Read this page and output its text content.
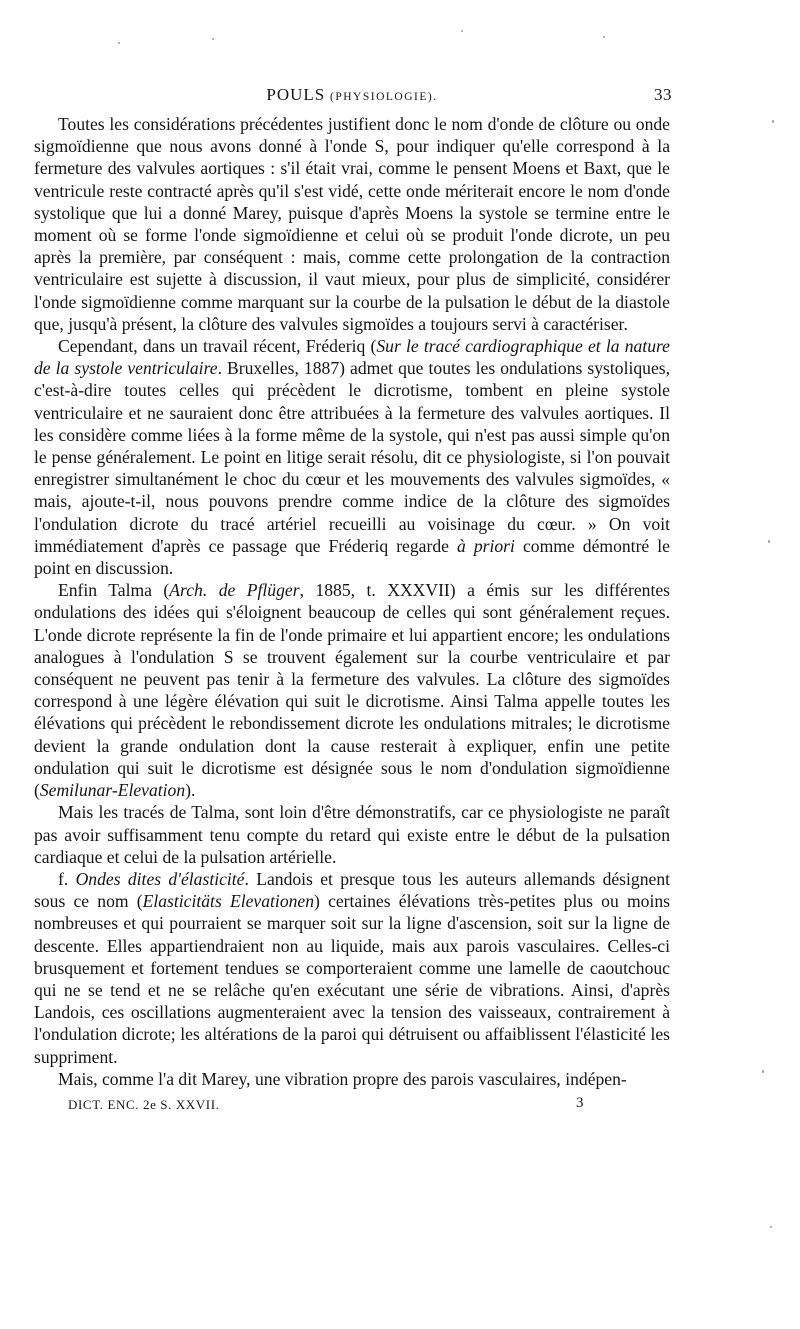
POULS (PHYSIOLOGIE).	33

Toutes les considérations précédentes justifient donc le nom d'onde de clôture ou onde sigmoïdienne que nous avons donné à l'onde S, pour indiquer qu'elle correspond à la fermeture des valvules aortiques : s'il était vrai, comme le pensent Moens et Baxt, que le ventricule reste contracté après qu'il s'est vidé, cette onde mériterait encore le nom d'onde systolique que lui a donné Marey, puisque d'après Moens la systole se termine entre le moment où se forme l'onde sigmoïdienne et celui où se produit l'onde dicrote, un peu après la première, par conséquent : mais, comme cette prolongation de la contraction ventriculaire est sujette à discussion, il vaut mieux, pour plus de simplicité, considérer l'onde sigmoïdienne comme marquant sur la courbe de la pulsation le début de la diastole que, jusqu'à présent, la clôture des valvules sigmoïdes a toujours servi à caractériser.

Cependant, dans un travail récent, Fréderiq (Sur le tracé cardiographique et la nature de la systole ventriculaire. Bruxelles, 1887) admet que toutes les ondulations systoliques, c'est-à-dire toutes celles qui précèdent le dicrotisme, tombent en pleine systole ventriculaire et ne sauraient donc être attribuées à la fermeture des valvules aortiques. Il les considère comme liées à la forme même de la systole, qui n'est pas aussi simple qu'on le pense généralement. Le point en litige serait résolu, dit ce physiologiste, si l'on pouvait enregistrer simultanément le choc du cœur et les mouvements des valvules sigmoïdes, « mais, ajoute-t-il, nous pouvons prendre comme indice de la clôture des sigmoïdes l'ondulation dicrote du tracé artériel recueilli au voisinage du cœur. » On voit immédiatement d'après ce passage que Fréderiq regarde à priori comme démontré le point en discussion.

Enfin Talma (Arch. de Pflüger, 1885, t. XXXVII) a émis sur les différentes ondulations des idées qui s'éloignent beaucoup de celles qui sont généralement reçues. L'onde dicrote représente la fin de l'onde primaire et lui appartient encore; les ondulations analogues à l'ondulation S se trouvent également sur la courbe ventriculaire et par conséquent ne peuvent pas tenir à la fermeture des valvules. La clôture des sigmoïdes correspond à une légère élévation qui suit le dicrotisme. Ainsi Talma appelle toutes les élévations qui précèdent le rebondissement dicrote les ondulations mitrales; le dicrotisme devient la grande ondulation dont la cause resterait à expliquer, enfin une petite ondulation qui suit le dicrotisme est désignée sous le nom d'ondulation sigmoïdienne (Semilunar-Elevation).

Mais les tracés de Talma, sont loin d'être démonstratifs, car ce physiologiste ne paraît pas avoir suffisamment tenu compte du retard qui existe entre le début de la pulsation cardiaque et celui de la pulsation artérielle.

f. Ondes dites d'élasticité. Landois et presque tous les auteurs allemands désignent sous ce nom (Elasticitäts Elevationen) certaines élévations très-petites plus ou moins nombreuses et qui pourraient se marquer soit sur la ligne d'ascension, soit sur la ligne de descente. Elles appartiendraient non au liquide, mais aux parois vasculaires. Celles-ci brusquement et fortement tendues se comporteraient comme une lamelle de caoutchouc qui ne se tend et ne se relâche qu'en exécutant une série de vibrations. Ainsi, d'après Landois, ces oscillations augmenteraient avec la tension des vaisseaux, contrairement à l'ondulation dicrote; les altérations de la paroi qui détruisent ou affaiblissent l'élasticité les suppriment.

Mais, comme l'a dit Marey, une vibration propre des parois vasculaires, indépen-

DICT. ENC. 2e S. XXVII.	3
